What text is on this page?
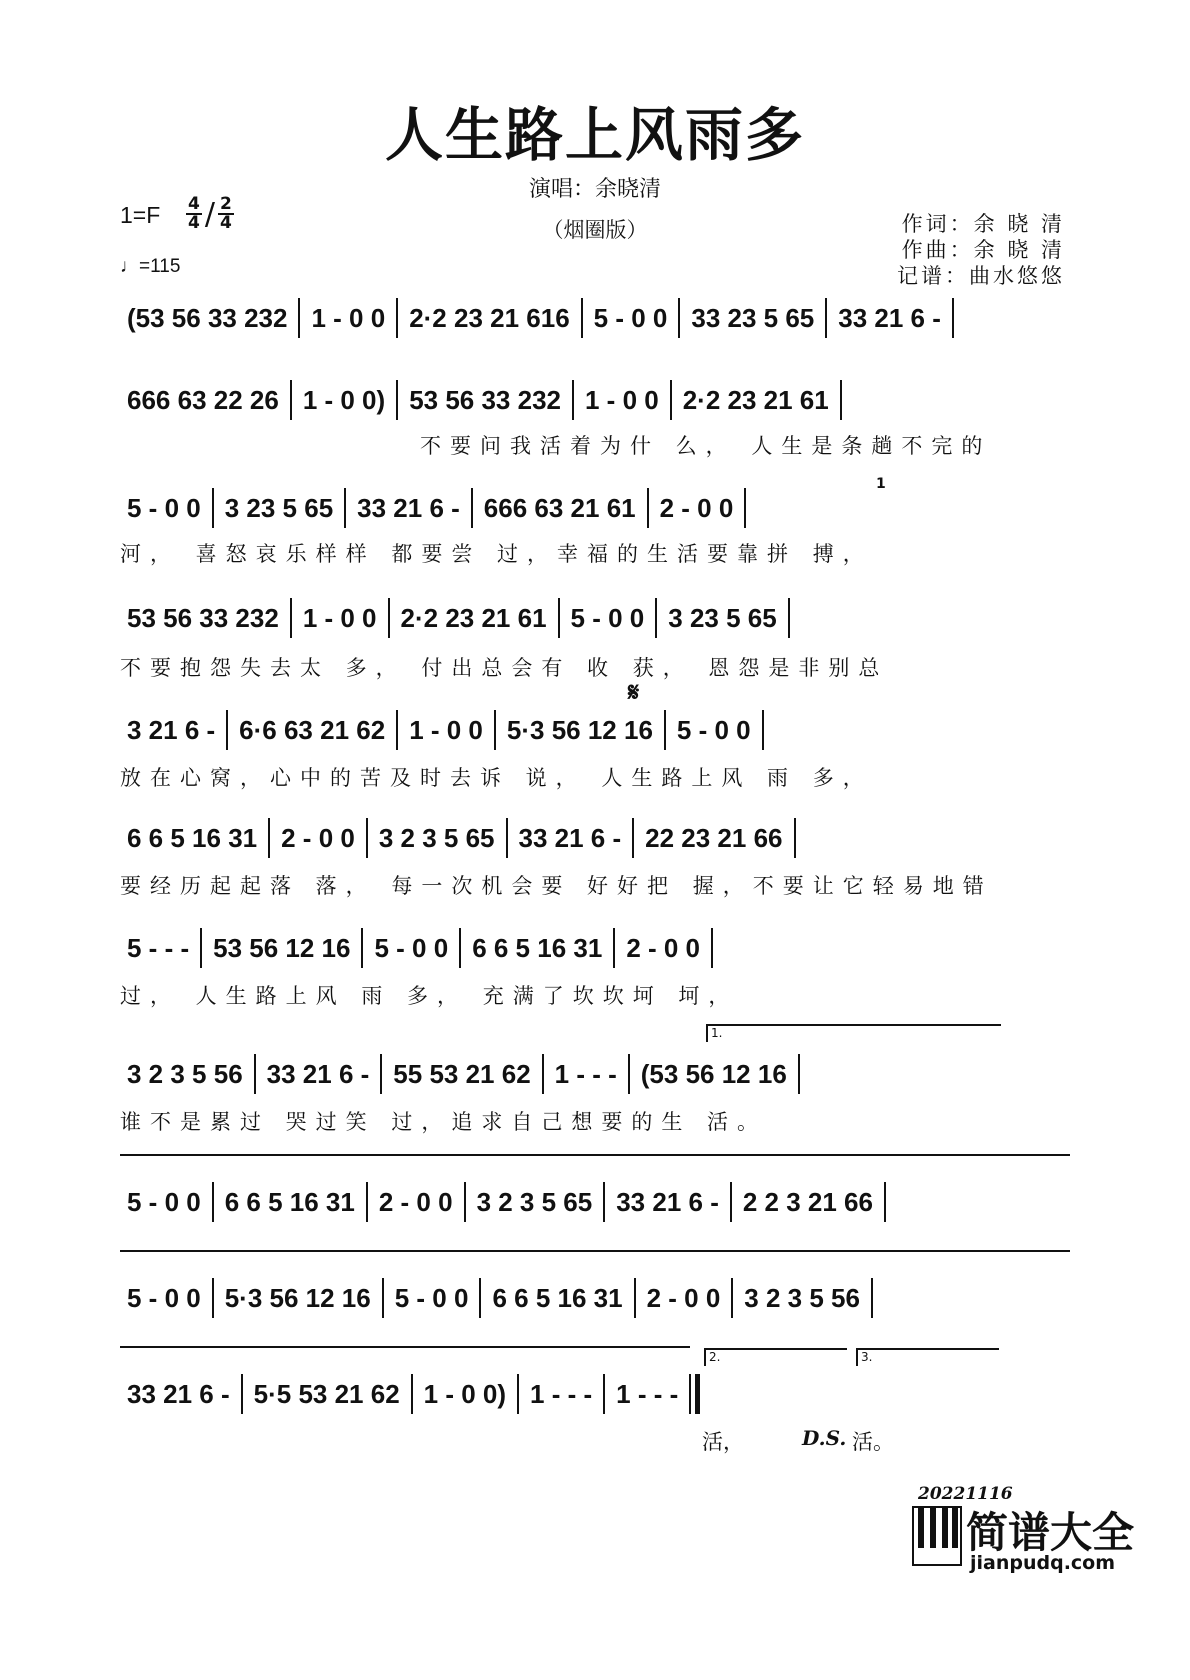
人生路上风雨多
演唱：余晓清
（烟圈版）
$1=F \frac{4}{4} / \frac{2}{4}$
♩=115
作词：余 晓 清
作曲：余 晓 清
记谱：曲水悠悠
(53 56 33 232 1 - 0 0 2·2 23 21 616 5 - 0 0 33 23 5 65 33 21 6 -
666 63 22 26 1 - 0 0) 53 56 33 232 1 - 0 0 2·2 23 21 61
5 - 0 0 3 23 5 65 33 21 6 - 666 63 21 61 2 - 0 0
53 56 33 232 1 - 0 0 2·2 23 21 61 5 - 0 0 3 23 5 65
3 21 6 - 6·6 63 21 62 1 - 0 0 5·3 56 12 16 5 - 0 0
6 6 5 16 31 2 - 0 0 3 2 3 5 65 33 21 6 - 22 23 21 66
5 - - - 53 56 12 16 5 - 0 0 6 6 5 16 31 2 - 0 0
3 2 3 5 56 33 21 6 - 55 53 21 62 1 - - - (53 56 12 16
5 - 0 0 6 6 5 16 31 2 - 0 0 3 2 3 5 65 33 21 6 - 2 2 3 21 66
5 - 0 0 5·3 56 12 16 5 - 0 0 6 6 5 16 31 2 - 0 0 3 2 3 5 56
33 21 6 - 5·5 53 21 62 1 - 0 0) 1 - - - 1 - - -
不要问我活着为什 么， 人生是条趟不完的
河， 喜怒哀乐样样 都要尝 过，幸福的生活要靠拼 搏，
不要抱怨失去太 多， 付出总会有 收 获， 恩怨是非别总
放在心窝，心中的苦及时去诉 说， 人生路上风 雨 多，
要经历起起落 落， 每一次机会要 好好把 握，不要让它轻易地错
过， 人生路上风 雨 多， 充满了坎坎坷 坷，
谁不是累过 哭过笑 过，追求自己想要的生 活。
1.
2.	3.
1
𝄋
活，	D.S. 活。
20221116
简谱大全
jianpudq.com
